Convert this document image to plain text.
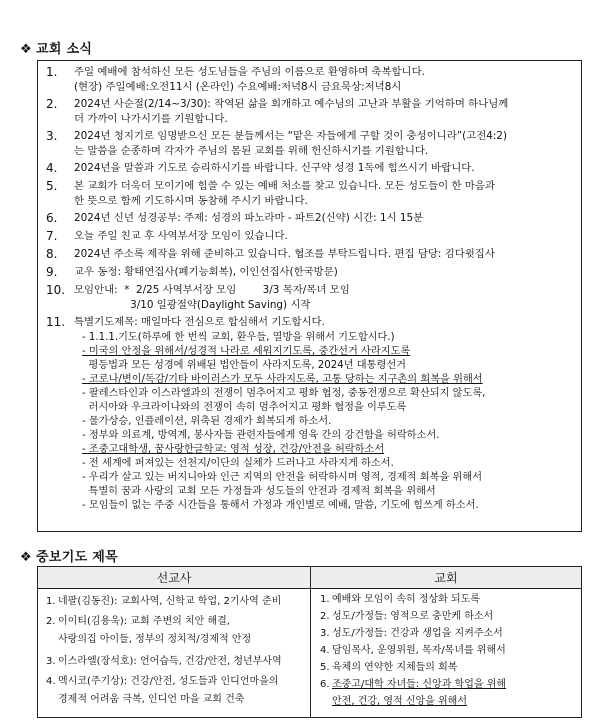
❖ 교회 소식
1.	주일 예배에 참석하신 모든 성도님들을 주님의 이름으로 환영하며 축복합니다.
(현장) 주일예배:오전11시 (온라인) 수요예배:저녁8시 금요묵상:저녁8시
2.	2024년 사순절(2/14~3/30): 작역된 삶을 회개하고 예수님의 고난과 부활을 기억하며 하나님께
더 가까이 나가시기를 기원합니다.
3.	2024년 청지기로 임명받으신 모든 분들께서는 “맡은 자들에게 구할 것이 충성이니라”(고전4:2)
는 말씀을 순종하며 각자가 주님의 몸된 교회를 위해 헌신하시기를 기원합니다.
4.	2024년을 말씀과 기도로 승리하시기를 바랍니다. 신구약 성경 1독에 힘쓰시기 바랍니다.
5.	본 교회가 더욱더 모이기에 힘쓸 수 있는 예배 처소를 찾고 있습니다. 모든 성도들이 한 마음과
한 뜻으로 함께 기도하시며 동참해 주시기 바랍니다.
6.	2024년 신년 성경공부: 주제: 성경의 파노라마 - 파트2(신약) 시간: 1시 15분
7.	오늘 주일 친교 후 사역부서장 모임이 있습니다.
8.	2024년 주소록 제작을 위해 준비하고 있습니다. 협조를 부탁드립니다. 편집 담당: 김다윗집사
9.	교우 동정: 황태연집사(폐기능회복), 이인선집사(한국방문)
10. 모임안내:  *  2/25 사역부서장 모임        3/3 목자/목녀 모임
3/10 일광절약(Daylight Saving) 시작
11. 특별기도제목: 매일마다 전심으로 합심해서 기도합시다.
- 1.1.1.기도(하루에 한 번씩 교회, 환우들, 열방을 위해서 기도합시다.)
- 미국의 안정을 위해서/성경적 나라로 세워지기도록, 중간선거 사라지도록
평등법과 모든 성경에 위배된 법안들이 사라지도록, 2024년 대통령선거
- 코로나/변이/독감/기타 바이러스가 모두 사라지도록, 고통 당하는 지구촌의 회복을 위해서
- 팔레스타인과 이스라엘과의 전쟁이 멈추어지고 평화 협정, 중동전쟁으로 확산되지 않도록,
러시아와 우크라이나와의 전쟁이 속히 멈추어지고 평화 협정을 이루도록
- 물가상승, 인플레이션, 위축된 경제가 회복되게 하소서.
- 정부와 의료계, 방역계, 봉사자들 관련자들에게 영육 간의 강건함을 허락하소서.
- 조중고대학생, 꿈사랑한글학교: 영적 성장, 건강/안전을 허락하소서
- 전 세계에 퍼져있는 선천지/이단의 실체가 드러나고 사라지게 하소서.
- 우리가 살고 있는 버지니아와 인근 지역의 안전을 허락하시며 영적, 경제적 회복을 위해서
특별히 꿈과 사랑의 교회 모든 가정들과 성도들의 안전과 경제적 회복을 위해서
- 모임들이 없는 주중 시간들을 통해서 가정과 개인별로 예배, 말씀, 기도에 힘쓰게 하소서.
❖ 중보기도 제목
선교사	교회
1. 네팔(김동진): 교회사역, 신학교 학업, 2기사역 준비
2. 이이티(김용욱): 교회 주변의 치안 해결,
사랑의집 아이들, 정부의 정치적/경제적 안정
3. 이스라엘(장석호): 언어습득, 건강/안전, 청년부사역
4. 멕시코(주기상): 건강/안전, 성도들과 인디언마을의
경제적 어려움 극복, 인디언 마을 교회 건축
1. 예배와 모임이 속히 정상화 되도록
2. 성도/가정들: 영적으로 충만케 하소서
3. 성도/가정들: 건강과 생업을 지켜주소서
4. 담임목사, 운영위원, 목자/목녀를 위해서
5. 육체의 연약한 지체들의 회복
6. 조중고/대학 자녀들: 신앙과 학업을 위해
안전, 건강, 영적 신앙을 위해서
